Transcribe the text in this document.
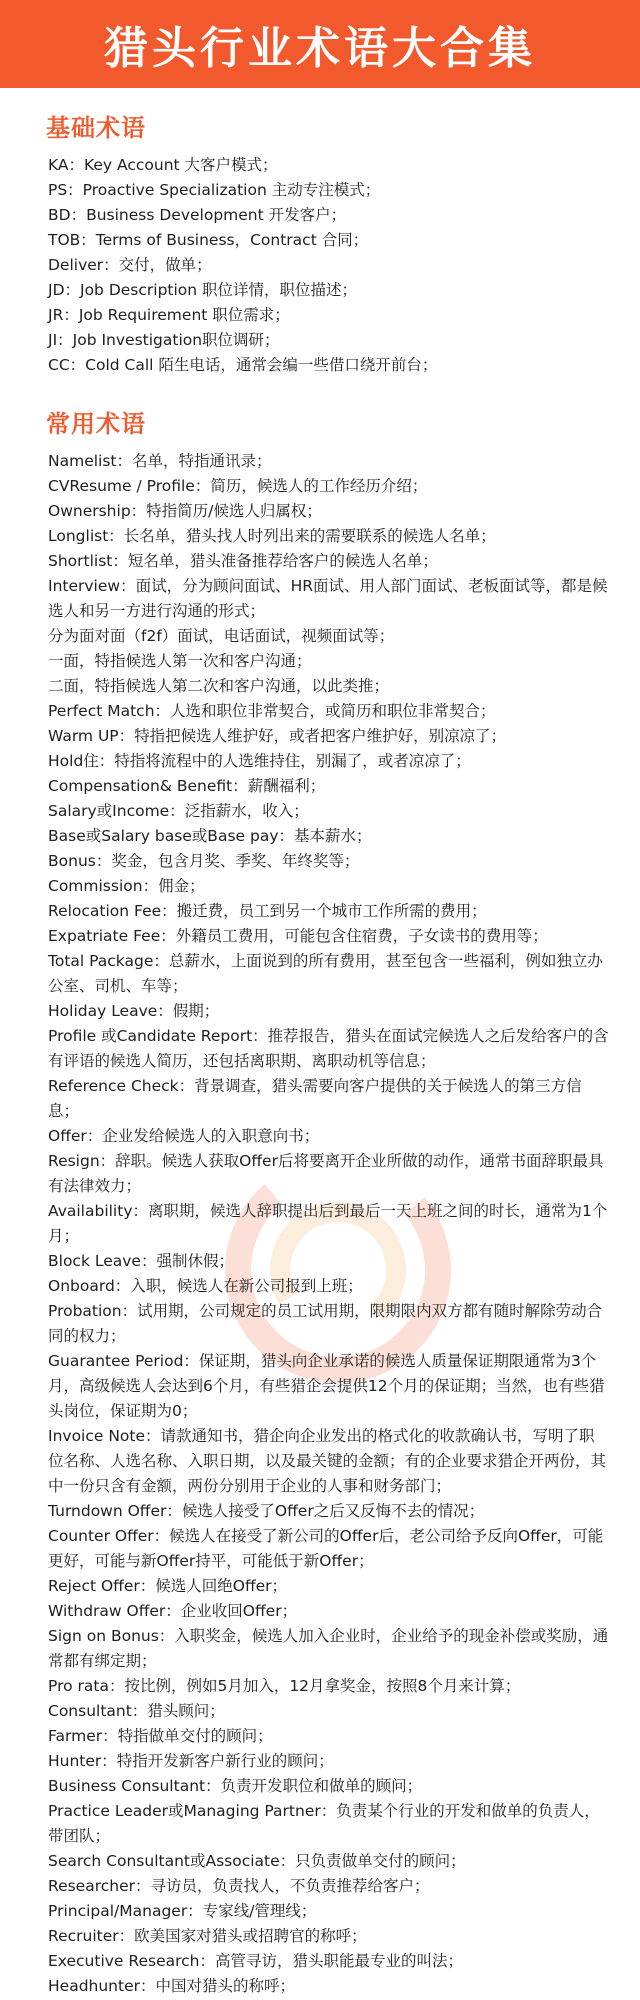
猎头行业术语大合集
基础术语

KA：Key Account 大客户模式；

PS：Proactive Specialization 主动专注模式；

BD：Business Development 开发客户；

TOB：Terms of Business，Contract 合同；

Deliver：交付，做单；

JD：Job Description 职位详情，职位描述；

JR：Job Requirement 职位需求；

JI：Job Investigation职位调研；

CC：Cold Call 陌生电话，通常会编一些借口绕开前台；

常用术语

Namelist：名单，特指通讯录；

CVResume / Profile：简历，候选人的工作经历介绍；

Ownership：特指简历/候选人归属权；

Longlist：长名单，猎头找人时列出来的需要联系的候选人名单；

Shortlist：短名单，猎头准备推荐给客户的候选人名单；

Interview：面试，分为顾问面试、HR面试、用人部门面试、老板面试等，都是候选人和另一方进行沟通的形式；

分为面对面（f2f）面试，电话面试，视频面试等；

一面，特指候选人第一次和客户沟通；

二面，特指候选人第二次和客户沟通，以此类推；

Perfect Match：人选和职位非常契合，或简历和职位非常契合；

Warm UP：特指把候选人维护好，或者把客户维护好，别凉凉了；

Hold住：特指将流程中的人选维持住，别漏了，或者凉凉了；

Compensation& Benefit：薪酬福利；

Salary或Income：泛指薪水，收入；

Base或Salary base或Base pay：基本薪水；

Bonus：奖金，包含月奖、季奖、年终奖等；

Commission：佣金；

Relocation Fee：搬迁费，员工到另一个城市工作所需的费用；

Expatriate Fee：外籍员工费用，可能包含住宿费，子女读书的费用等；

Total Package：总薪水，上面说到的所有费用，甚至包含一些福利，例如独立办公室、司机、车等；

Holiday Leave：假期；

Profile 或Candidate Report：推荐报告，猎头在面试完候选人之后发给客户的含有评语的候选人简历，还包括离职期、离职动机等信息；

Reference Check：背景调查，猎头需要向客户提供的关于候选人的第三方信息；

Offer：企业发给候选人的入职意向书；

Resign：辞职。候选人获取Offer后将要离开企业所做的动作，通常书面辞职最具有法律效力；

Availability：离职期，候选人辞职提出后到最后一天上班之间的时长，通常为1个月；

Block Leave：强制休假；

Onboard：入职，候选人在新公司报到上班；

Probation：试用期，公司规定的员工试用期，限期限内双方都有随时解除劳动合同的权力；

Guarantee Period：保证期，猎头向企业承诺的候选人质量保证期限通常为3个月，高级候选人会达到6个月，有些猎企会提供12个月的保证期；当然，也有些猎头岗位，保证期为0；

Invoice Note：请款通知书，猎企向企业发出的格式化的收款确认书，写明了职位名称、人选名称、入职日期，以及最关键的金额；有的企业要求猎企开两份，其中一份只含有金额，两份分别用于企业的人事和财务部门；

Turndown Offer：候选人接受了Offer之后又反悔不去的情况；

Counter Offer：候选人在接受了新公司的Offer后，老公司给予反向Offer，可能更好，可能与新Offer持平，可能低于新Offer；

Reject Offer：候选人回绝Offer；

Withdraw Offer：企业收回Offer；

Sign on Bonus：入职奖金，候选人加入企业时，企业给予的现金补偿或奖励，通常都有绑定期；

Pro rata：按比例，例如5月加入，12月拿奖金，按照8个月来计算；

Consultant：猎头顾问；

Farmer：特指做单交付的顾问；

Hunter：特指开发新客户新行业的顾问；

Business Consultant：负责开发职位和做单的顾问；

Practice Leader或Managing Partner：负责某个行业的开发和做单的负责人，带团队；

Search Consultant或Associate：只负责做单交付的顾问；

Researcher：寻访员，负责找人，不负责推荐给客户；

Principal/Manager：专家线/管理线；

Recruiter：欧美国家对猎头或招聘官的称呼；

Executive Research：高管寻访，猎头职能最专业的叫法；

Headhunter：中国对猎头的称呼；
